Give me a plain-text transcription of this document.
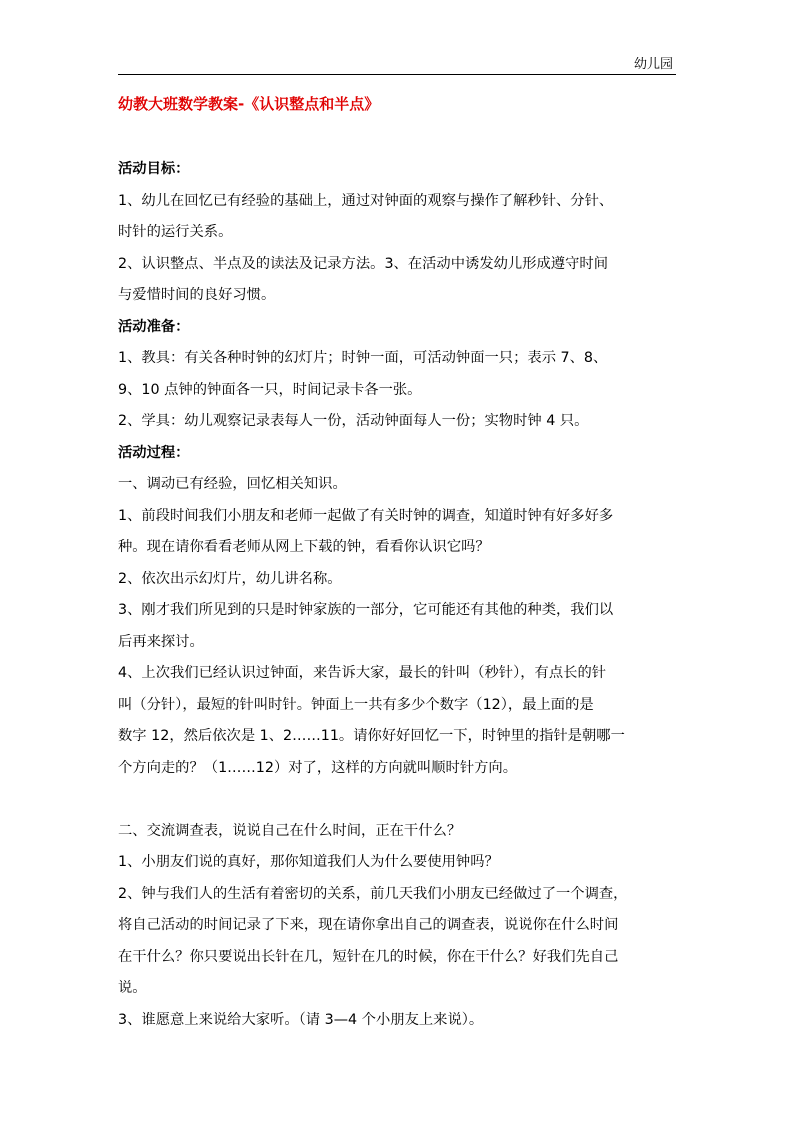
幼儿园
幼教大班数学教案-《认识整点和半点》
活动目标：
1、幼儿在回忆已有经验的基础上，通过对钟面的观察与操作了解秒针、分针、
时针的运行关系。
2、认识整点、半点及的读法及记录方法。3、在活动中诱发幼儿形成遵守时间
与爱惜时间的良好习惯。
活动准备：
1、教具：有关各种时钟的幻灯片；时钟一面，可活动钟面一只；表示 7、8、
9、10 点钟的钟面各一只，时间记录卡各一张。
2、学具：幼儿观察记录表每人一份，活动钟面每人一份；实物时钟 4 只。
活动过程：
一、调动已有经验，回忆相关知识。
1、前段时间我们小朋友和老师一起做了有关时钟的调查，知道时钟有好多好多
种。现在请你看看老师从网上下载的钟，看看你认识它吗？
2、依次出示幻灯片，幼儿讲名称。
3、刚才我们所见到的只是时钟家族的一部分，它可能还有其他的种类，我们以
后再来探讨。
4、上次我们已经认识过钟面，来告诉大家，最长的针叫（秒针），有点长的针
叫（分针），最短的针叫时针。钟面上一共有多少个数字（12），最上面的是
数字 12，然后依次是 1、2……11。请你好好回忆一下，时钟里的指针是朝哪一
个方向走的？（1……12）对了，这样的方向就叫顺时针方向。
二、交流调查表，说说自己在什么时间，正在干什么？
1、小朋友们说的真好，那你知道我们人为什么要使用钟吗？
2、钟与我们人的生活有着密切的关系，前几天我们小朋友已经做过了一个调查，
将自己活动的时间记录了下来，现在请你拿出自己的调查表，说说你在什么时间
在干什么？你只要说出长针在几，短针在几的时候，你在干什么？好我们先自己
说。
3、谁愿意上来说给大家听。（请 3—4 个小朋友上来说）。
